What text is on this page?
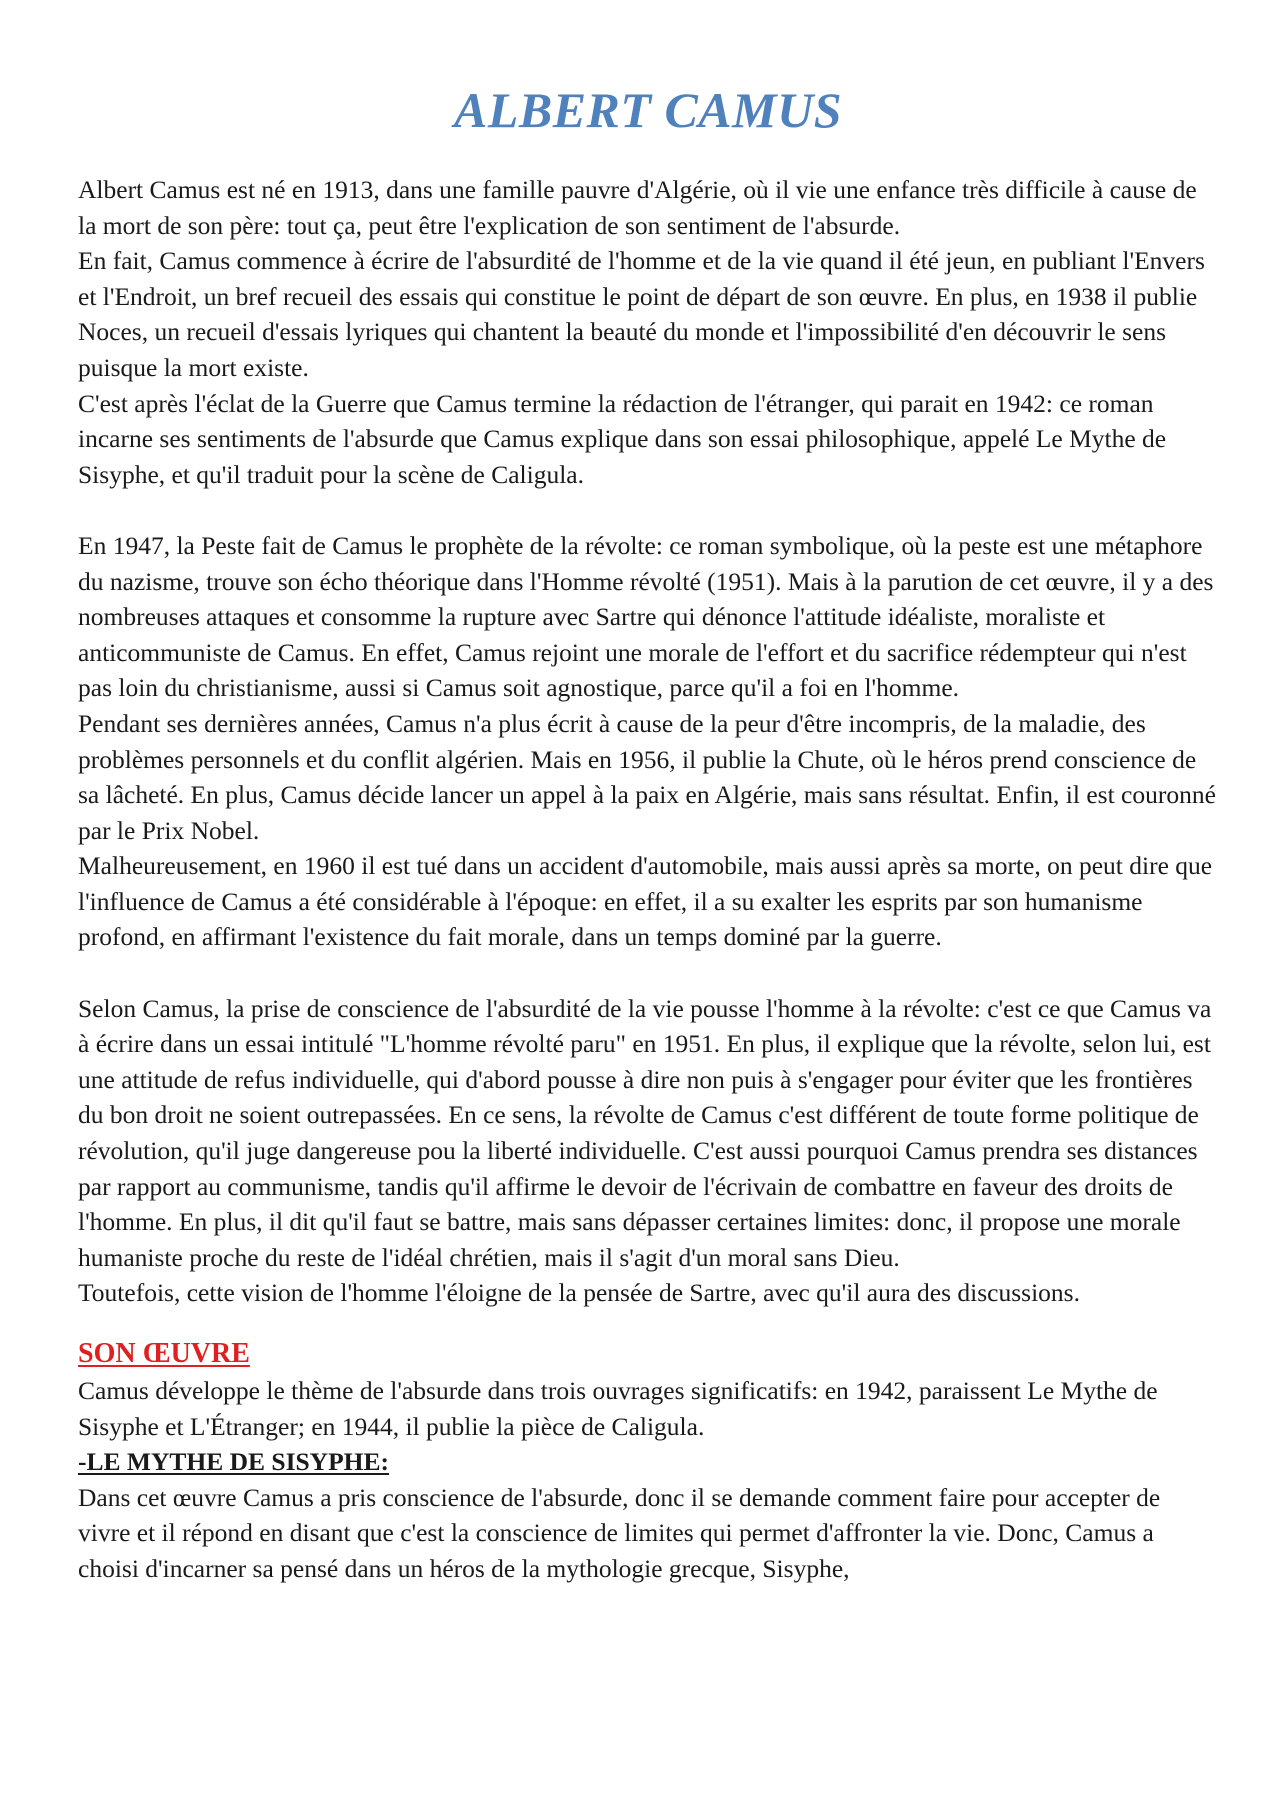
ALBERT CAMUS

Albert Camus est né en 1913, dans une famille pauvre d'Algérie, où il vie une enfance très difficile à cause de la mort de son père: tout ça, peut être l'explication de son sentiment de l'absurde.

En fait, Camus commence à écrire de l'absurdité de l'homme et de la vie quand il été jeun, en publiant l'Envers et l'Endroit, un bref recueil des essais qui constitue le point de départ de son œuvre. En plus, en 1938 il publie Noces, un recueil d'essais lyriques qui chantent la beauté du monde et l'impossibilité d'en découvrir le sens puisque la mort existe.

C'est après l'éclat de la Guerre que Camus termine la rédaction de l'étranger, qui parait en 1942: ce roman incarne ses sentiments de l'absurde que Camus explique dans son essai philosophique, appelé Le Mythe de Sisyphe, et qu'il traduit pour la scène de Caligula.

En 1947, la Peste fait de Camus le prophète de la révolte: ce roman symbolique, où la peste est une métaphore du nazisme, trouve son écho théorique dans l'Homme révolté (1951). Mais à la parution de cet œuvre, il y a des nombreuses attaques et consomme la rupture avec Sartre qui dénonce l'attitude idéaliste, moraliste et anticommuniste de Camus. En effet, Camus rejoint une morale de l'effort et du sacrifice rédempteur qui n'est pas loin du christianisme, aussi si Camus soit agnostique, parce qu'il a foi en l'homme.

Pendant ses dernières années, Camus n'a plus écrit à cause de la peur d'être incompris, de la maladie, des problèmes personnels et du conflit algérien. Mais en 1956, il publie la Chute, où le héros prend conscience de sa lâcheté. En plus, Camus décide lancer un appel à la paix en Algérie, mais sans résultat. Enfin, il est couronné par le Prix Nobel.

Malheureusement, en 1960 il est tué dans un accident d'automobile, mais aussi après sa morte, on peut dire que l'influence de Camus a été considérable à l'époque: en effet, il a su exalter les esprits par son humanisme profond, en affirmant l'existence du fait morale, dans un temps dominé par la guerre.

Selon Camus, la prise de conscience de l'absurdité de la vie pousse l'homme à la révolte: c'est ce que Camus va à écrire dans un essai intitulé "L'homme révolté paru" en 1951. En plus, il explique que la révolte, selon lui, est une attitude de refus individuelle, qui d'abord pousse à dire non puis à s'engager pour éviter que les frontières du bon droit ne soient outrepassées. En ce sens, la révolte de Camus c'est différent de toute forme politique de révolution, qu'il juge dangereuse pou la liberté individuelle. C'est aussi pourquoi Camus prendra ses distances par rapport au communisme, tandis qu'il affirme le devoir de l'écrivain de combattre en faveur des droits de l'homme. En plus, il dit qu'il faut se battre, mais sans dépasser certaines limites: donc, il propose une morale humaniste proche du reste de l'idéal chrétien, mais il s'agit d'un moral sans Dieu.

Toutefois, cette vision de l'homme l'éloigne de la pensée de Sartre, avec qu'il aura des discussions.

SON ŒUVRE

Camus développe le thème de l'absurde dans trois ouvrages significatifs: en 1942, paraissent Le Mythe de Sisyphe et L'Étranger; en 1944, il publie la pièce de Caligula.

-LE MYTHE DE SISYPHE:

Dans cet œuvre Camus a pris conscience de l'absurde, donc il se demande comment faire pour accepter de vivre et il répond en disant que c'est la conscience de limites qui permet d'affronter la vie. Donc, Camus a choisi d'incarner sa pensé dans un héros de la mythologie grecque, Sisyphe,
